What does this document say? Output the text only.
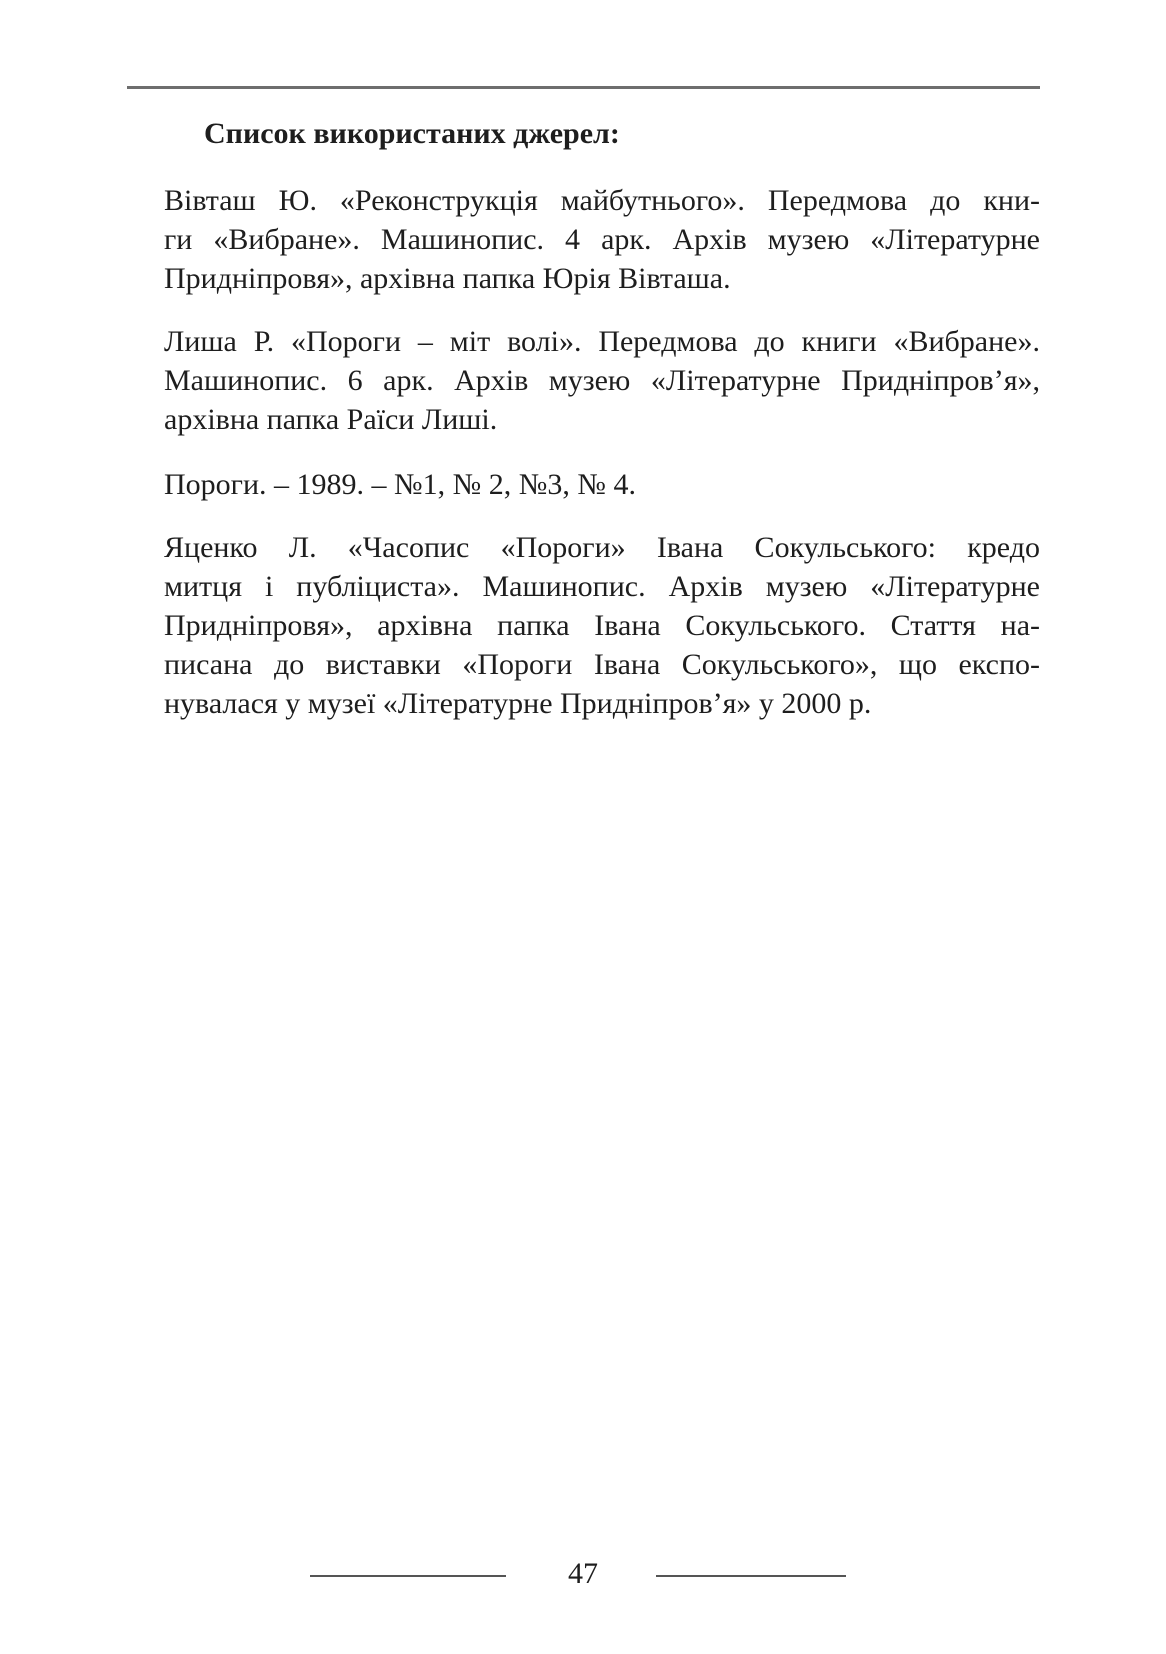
Список використаних джерел:
Вівташ Ю. «Реконструкція майбутнього». Передмова до кни-
ги «Вибране». Машинопис. 4 арк. Архів музею «Літературне
Придніпровя», архівна папка Юрія Вівташа.
Лиша Р. «Пороги – міт волі». Передмова до книги «Вибране».
Машинопис. 6 арк. Архів музею «Літературне Придніпров’я»,
архівна папка Раїси Лиші.
Пороги. – 1989. – №1, № 2, №3, № 4.
Яценко Л. «Часопис «Пороги» Івана Сокульського: кредо
митця і публіциста». Машинопис. Архів музею «Літературне
Придніпровя», архівна папка Івана Сокульського. Стаття на-
писана до виставки «Пороги Івана Сокульського», що експо-
нувалася у музеї «Літературне Придніпров’я» у 2000 р.
47
